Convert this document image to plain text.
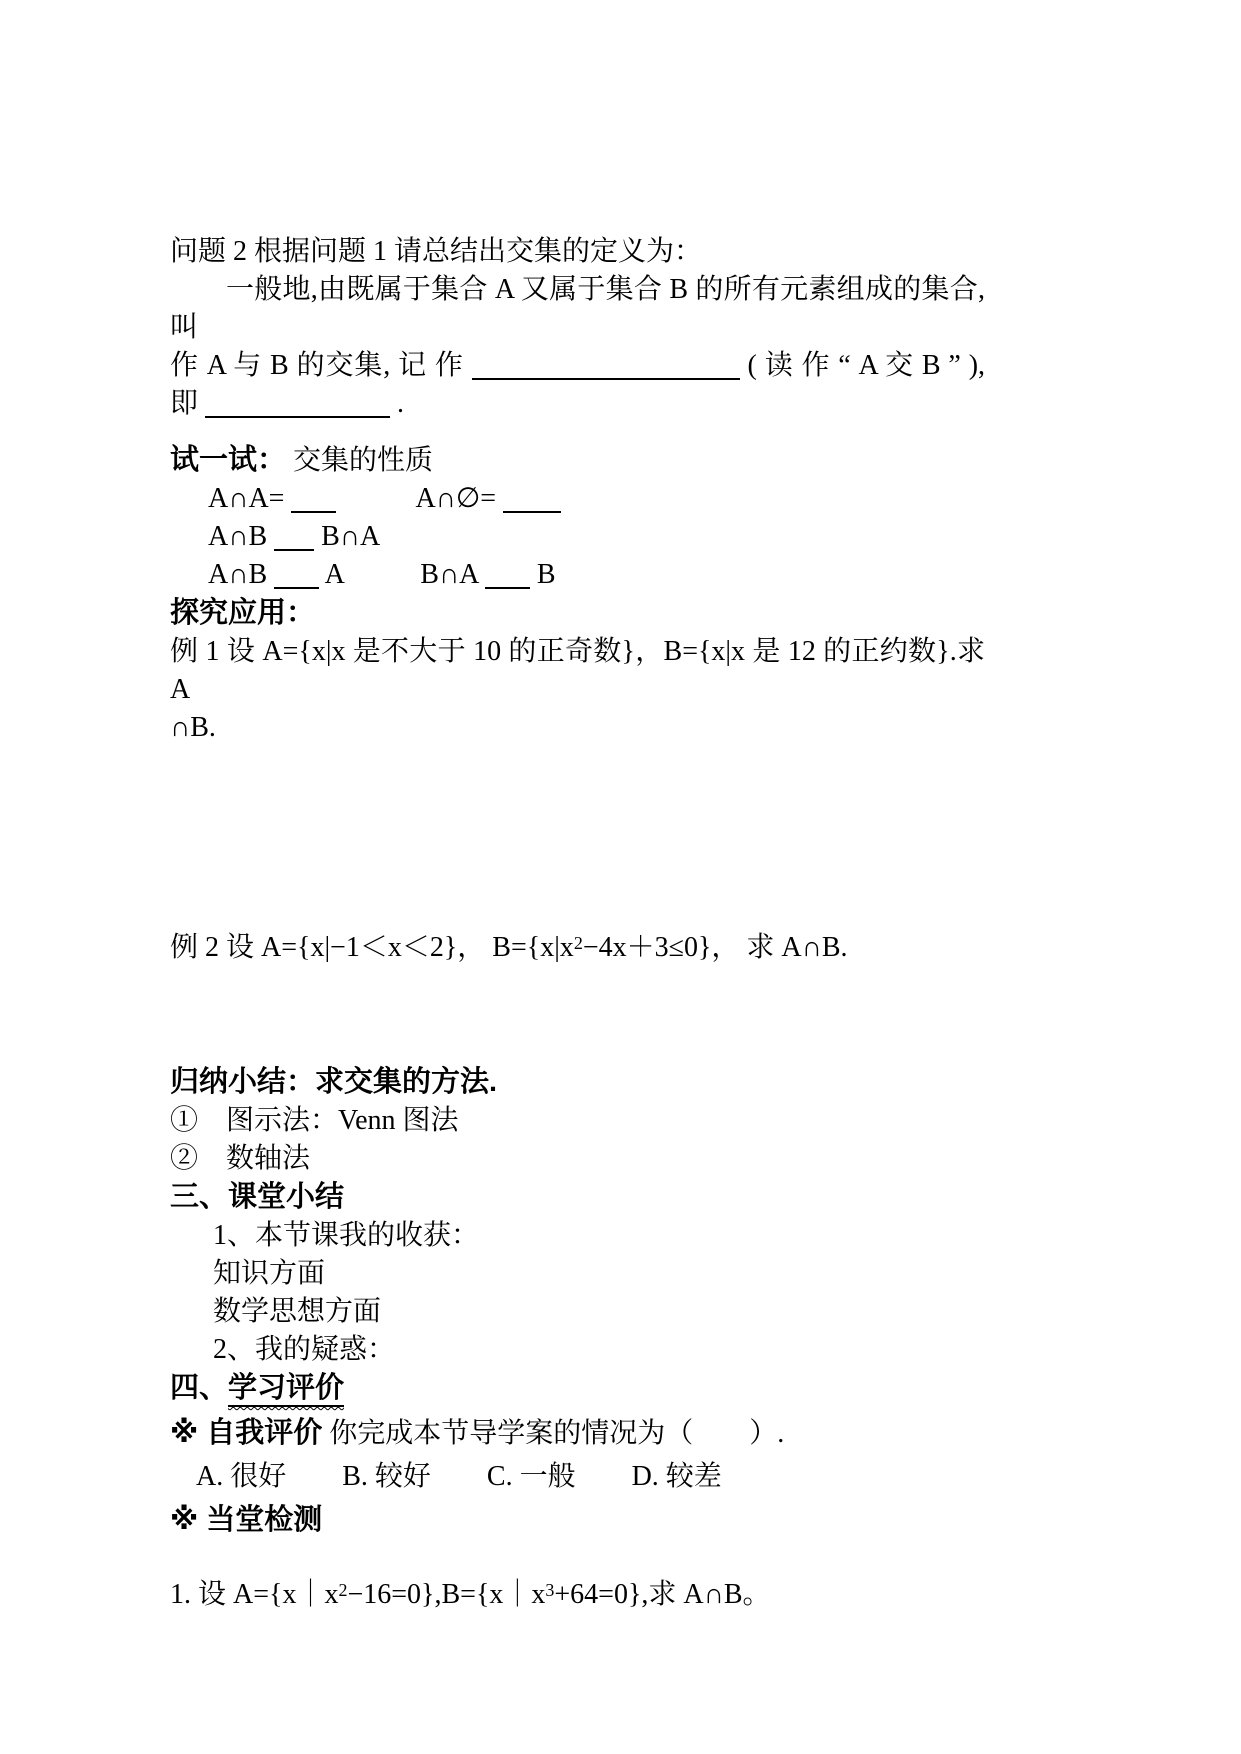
问题 2 根据问题 1 请总结出交集的定义为：
一般地,由既属于集合 A 又属于集合 B 的所有元素组成的集合,叫
作 A 与 B 的交集, 记 作	( 读 作 “ A 交 B ” ),
即	.
试一试： 交集的性质
A∩A=	A∩∅=
A∩B B∩A
A∩B A	B∩A B
探究应用：
例 1 设 A={x|x 是不大于 10 的正奇数}，B={x|x 是 12 的正约数}.求 A
∩B.
例 2 设 A={x|−1＜x＜2}， $B=\{x|x^2-4x+3\le 0\}$， 求 A∩B.
归纳小结：求交集的方法.
①　图示法：Venn 图法
②　数轴法
三、课堂小结
1、本节课我的收获：
知识方面
数学思想方面
2、我的疑惑：
四、学习评价
※ 自我评价 你完成本节导学案的情况为（　　）.
A. 很好　　B. 较好　　C. 一般　　D. 较差
※ 当堂检测
1. 设 $A=\{x|x^2-16=0\},B=\{x|x^3+64=0\}$,求 A∩B。
